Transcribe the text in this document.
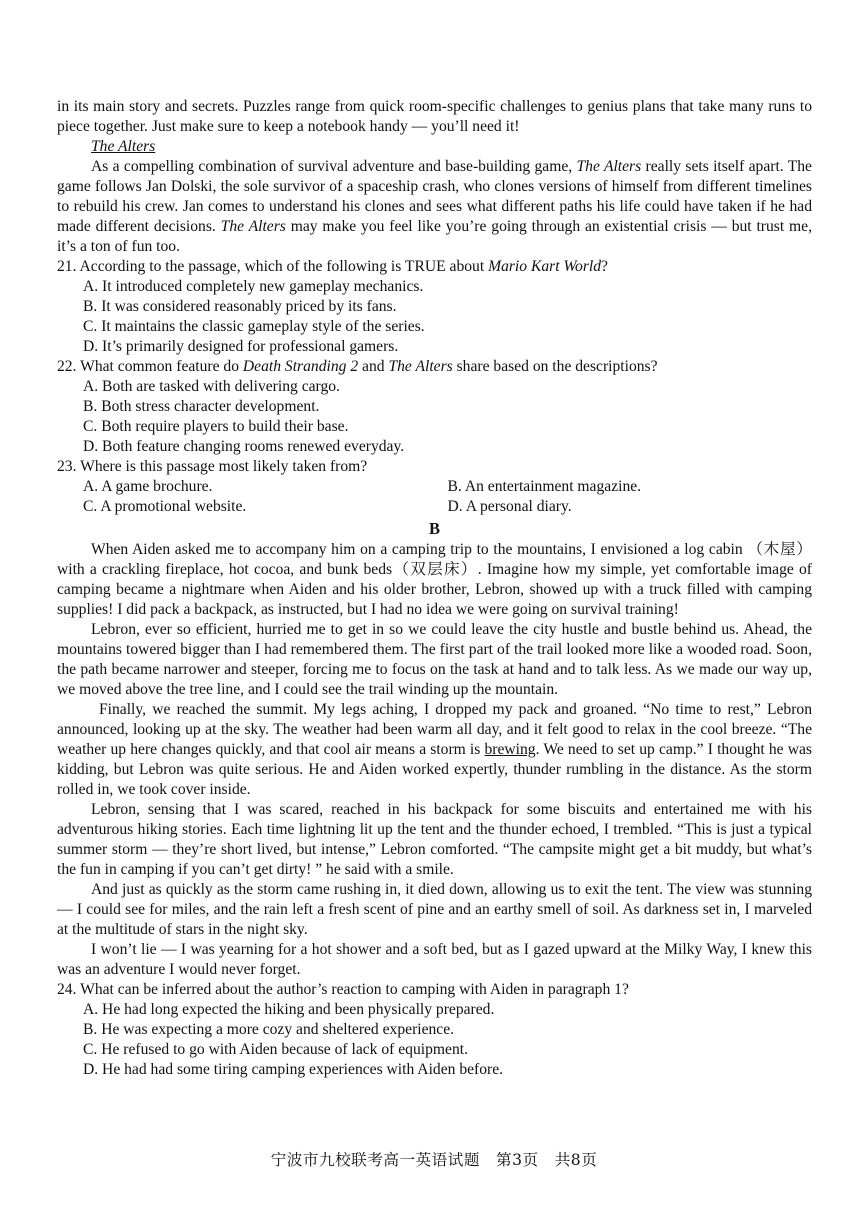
in its main story and secrets. Puzzles range from quick room-specific challenges to genius plans that take many runs to piece together. Just make sure to keep a notebook handy — you’ll need it!

The Alters

As a compelling combination of survival adventure and base-building game, The Alters really sets itself apart. The game follows Jan Dolski, the sole survivor of a spaceship crash, who clones versions of himself from different timelines to rebuild his crew. Jan comes to understand his clones and sees what different paths his life could have taken if he had made different decisions. The Alters may make you feel like you’re going through an existential crisis — but trust me, it’s a ton of fun too.

21. According to the passage, which of the following is TRUE about Mario Kart World?

A. It introduced completely new gameplay mechanics.

B. It was considered reasonably priced by its fans.

C. It maintains the classic gameplay style of the series.

D. It’s primarily designed for professional gamers.

22. What common feature do Death Stranding 2 and The Alters share based on the descriptions?

A. Both are tasked with delivering cargo.

B. Both stress character development.

C. Both require players to build their base.

D. Both feature changing rooms renewed everyday.

23. Where is this passage most likely taken from?

A. A game brochure.	B. An entertainment magazine.
C. A promotional website.	D. A personal diary.
B

When Aiden asked me to accompany him on a camping trip to the mountains, I envisioned a log cabin （木屋）with a crackling fireplace, hot cocoa, and bunk beds（双层床）. Imagine how my simple, yet comfortable image of camping became a nightmare when Aiden and his older brother, Lebron, showed up with a truck filled with camping supplies! I did pack a backpack, as instructed, but I had no idea we were going on survival training!

Lebron, ever so efficient, hurried me to get in so we could leave the city hustle and bustle behind us. Ahead, the mountains towered bigger than I had remembered them. The first part of the trail looked more like a wooded road. Soon, the path became narrower and steeper, forcing me to focus on the task at hand and to talk less. As we made our way up, we moved above the tree line, and I could see the trail winding up the mountain.

Finally, we reached the summit. My legs aching, I dropped my pack and groaned. “No time to rest,” Lebron announced, looking up at the sky. The weather had been warm all day, and it felt good to relax in the cool breeze. “The weather up here changes quickly, and that cool air means a storm is brewing. We need to set up camp.” I thought he was kidding, but Lebron was quite serious. He and Aiden worked expertly, thunder rumbling in the distance. As the storm rolled in, we took cover inside.

Lebron, sensing that I was scared, reached in his backpack for some biscuits and entertained me with his adventurous hiking stories. Each time lightning lit up the tent and the thunder echoed, I trembled. “This is just a typical summer storm — they’re short lived, but intense,” Lebron comforted. “The campsite might get a bit muddy, but what’s the fun in camping if you can’t get dirty! ” he said with a smile.

And just as quickly as the storm came rushing in, it died down, allowing us to exit the tent. The view was stunning — I could see for miles, and the rain left a fresh scent of pine and an earthy smell of soil. As darkness set in, I marveled at the multitude of stars in the night sky.

I won’t lie — I was yearning for a hot shower and a soft bed, but as I gazed upward at the Milky Way, I knew this was an adventure I would never forget.

24. What can be inferred about the author’s reaction to camping with Aiden in paragraph 1?

A. He had long expected the hiking and been physically prepared.

B. He was expecting a more cozy and sheltered experience.

C. He refused to go with Aiden because of lack of equipment.

D. He had had some tiring camping experiences with Aiden before.

宁波市九校联考高一英语试题　第3页　共8页
